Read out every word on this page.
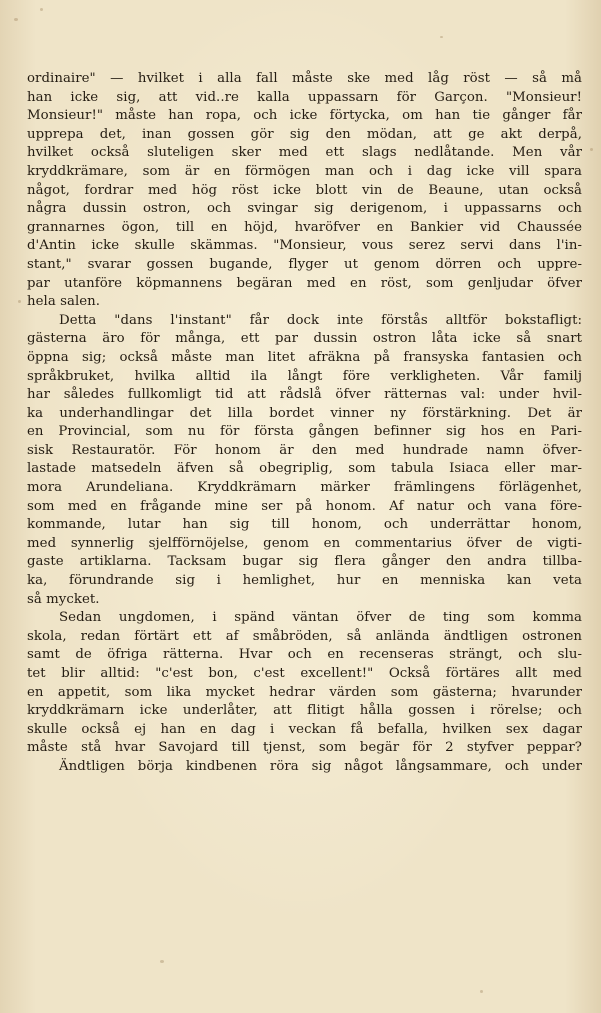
ordinaire" — hvilket i alla fall måste ske med låg röst — så må
han icke sig, att vid..re kalla uppassarn för Garçon. "Monsieur!
Monsieur!" måste han ropa, och icke förtycka, om han tie gånger får
upprepa det, inan gossen gör sig den mödan, att ge akt derpå,
hvilket också sluteligen sker med ett slags nedlåtande. Men vår
kryddkrämare, som är en förmögen man och i dag icke vill spara
något, fordrar med hög röst icke blott vin de Beaune, utan också
några dussin ostron, och svingar sig derigenom, i uppassarns och
grannarnes ögon, till en höjd, hvaröfver en Bankier vid Chaussée
d'Antin icke skulle skämmas. "Monsieur, vous serez servi dans l'in-
stant," svarar gossen bugande, flyger ut genom dörren och uppre-
par utanföre köpmannens begäran med en röst, som genljudar öfver
hela salen.
Detta "dans l'instant" får dock inte förstås alltför bokstafligt:
gästerna äro för många, ett par dussin ostron låta icke så snart
öppna sig; också måste man litet afräkna på fransyska fantasien och
språkbruket, hvilka alltid ila långt före verkligheten. Vår familj
har således fullkomligt tid att rådslå öfver rätternas val: under hvil-
ka underhandlingar det lilla bordet vinner ny förstärkning. Det är
en Provincial, som nu för första gången befinner sig hos en Pari-
sisk Restauratör. För honom är den med hundrade namn öfver-
lastade matsedeln äfven så obegriplig, som tabula Isiaca eller mar-
mora Arundeliana. Kryddkrämarn märker främlingens förlägenhet,
som med en frågande mine ser på honom. Af natur och vana före-
kommande, lutar han sig till honom, och underrättar honom,
med synnerlig sjelfförnöjelse, genom en commentarius öfver de vigti-
gaste artiklarna. Tacksam bugar sig flera gånger den andra tillba-
ka, förundrande sig i hemlighet, hur en menniska kan veta
så mycket.
Sedan ungdomen, i spänd väntan öfver de ting som komma
skola, redan förtärt ett af småbröden, så anlända ändtligen ostronen
samt de öfriga rätterna. Hvar och en recenseras strängt, och slu-
tet blir alltid: "c'est bon, c'est excellent!" Också förtäres allt med
en appetit, som lika mycket hedrar värden som gästerna; hvarunder
kryddkrämarn icke underlåter, att flitigt hålla gossen i rörelse; och
skulle också ej han en dag i veckan få befalla, hvilken sex dagar
måste stå hvar Savojard till tjenst, som begär för 2 styfver peppar?
Ändtligen börja kindbenen röra sig något långsammare, och under
